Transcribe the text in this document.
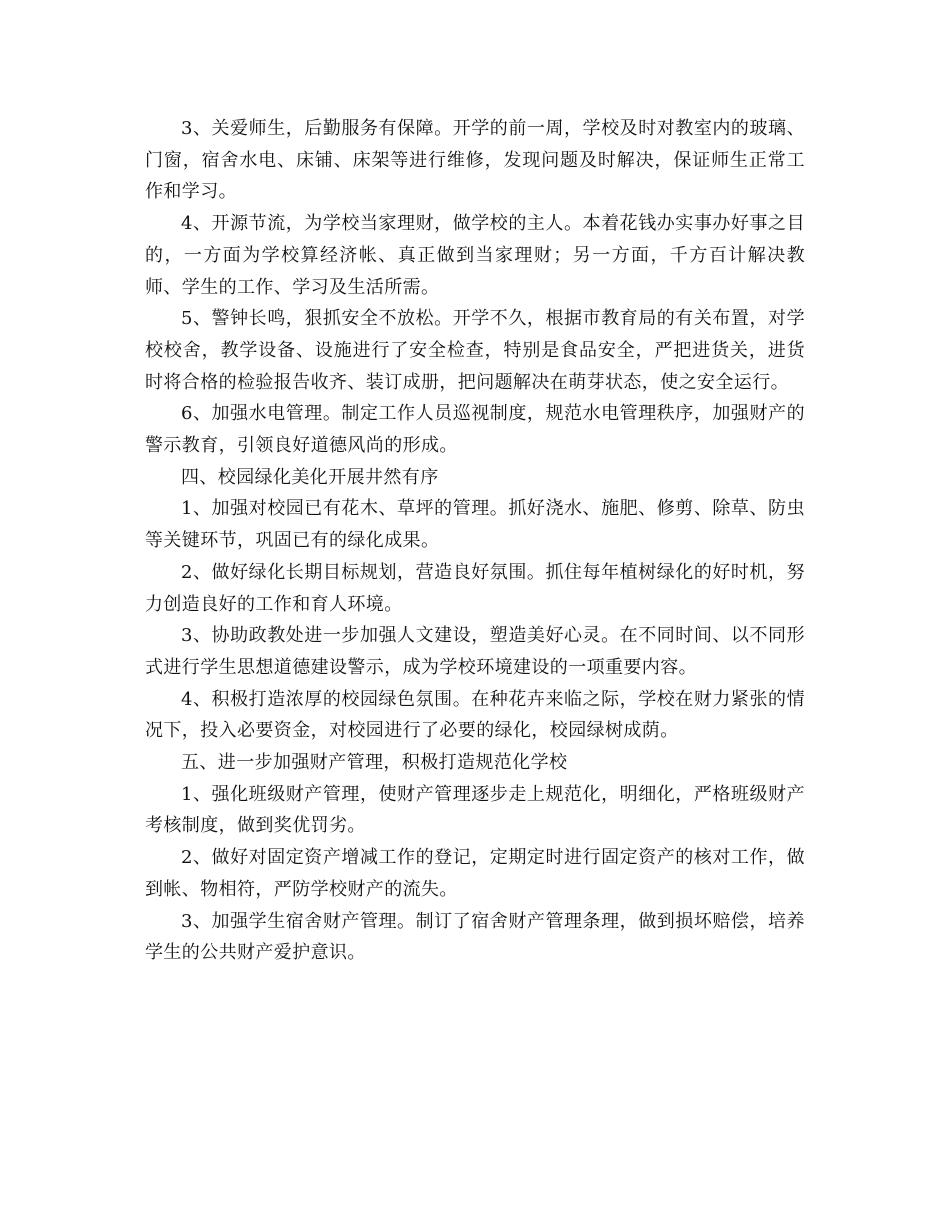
3、关爱师生，后勤服务有保障。开学的前一周，学校及时对教室内的玻璃、门窗，宿舍水电、床铺、床架等进行维修，发现问题及时解决，保证师生正常工作和学习。

4、开源节流，为学校当家理财，做学校的主人。本着花钱办实事办好事之目的，一方面为学校算经济帐、真正做到当家理财；另一方面，千方百计解决教师、学生的工作、学习及生活所需。

5、警钟长鸣，狠抓安全不放松。开学不久，根据市教育局的有关布置，对学校校舍，教学设备、设施进行了安全检查，特别是食品安全，严把进货关，进货时将合格的检验报告收齐、装订成册，把问题解决在萌芽状态，使之安全运行。

6、加强水电管理。制定工作人员巡视制度，规范水电管理秩序，加强财产的警示教育，引领良好道德风尚的形成。

四、校园绿化美化开展井然有序

1、加强对校园已有花木、草坪的管理。抓好浇水、施肥、修剪、除草、防虫等关键环节，巩固已有的绿化成果。

2、做好绿化长期目标规划，营造良好氛围。抓住每年植树绿化的好时机，努力创造良好的工作和育人环境。

3、协助政教处进一步加强人文建设，塑造美好心灵。在不同时间、以不同形式进行学生思想道德建设警示，成为学校环境建设的一项重要内容。

4、积极打造浓厚的校园绿色氛围。在种花卉来临之际，学校在财力紧张的情况下，投入必要资金，对校园进行了必要的绿化，校园绿树成荫。

五、进一步加强财产管理，积极打造规范化学校

1、强化班级财产管理，使财产管理逐步走上规范化，明细化，严格班级财产考核制度，做到奖优罚劣。

2、做好对固定资产增减工作的登记，定期定时进行固定资产的核对工作，做到帐、物相符，严防学校财产的流失。

3、加强学生宿舍财产管理。制订了宿舍财产管理条理，做到损坏赔偿，培养学生的公共财产爱护意识。
